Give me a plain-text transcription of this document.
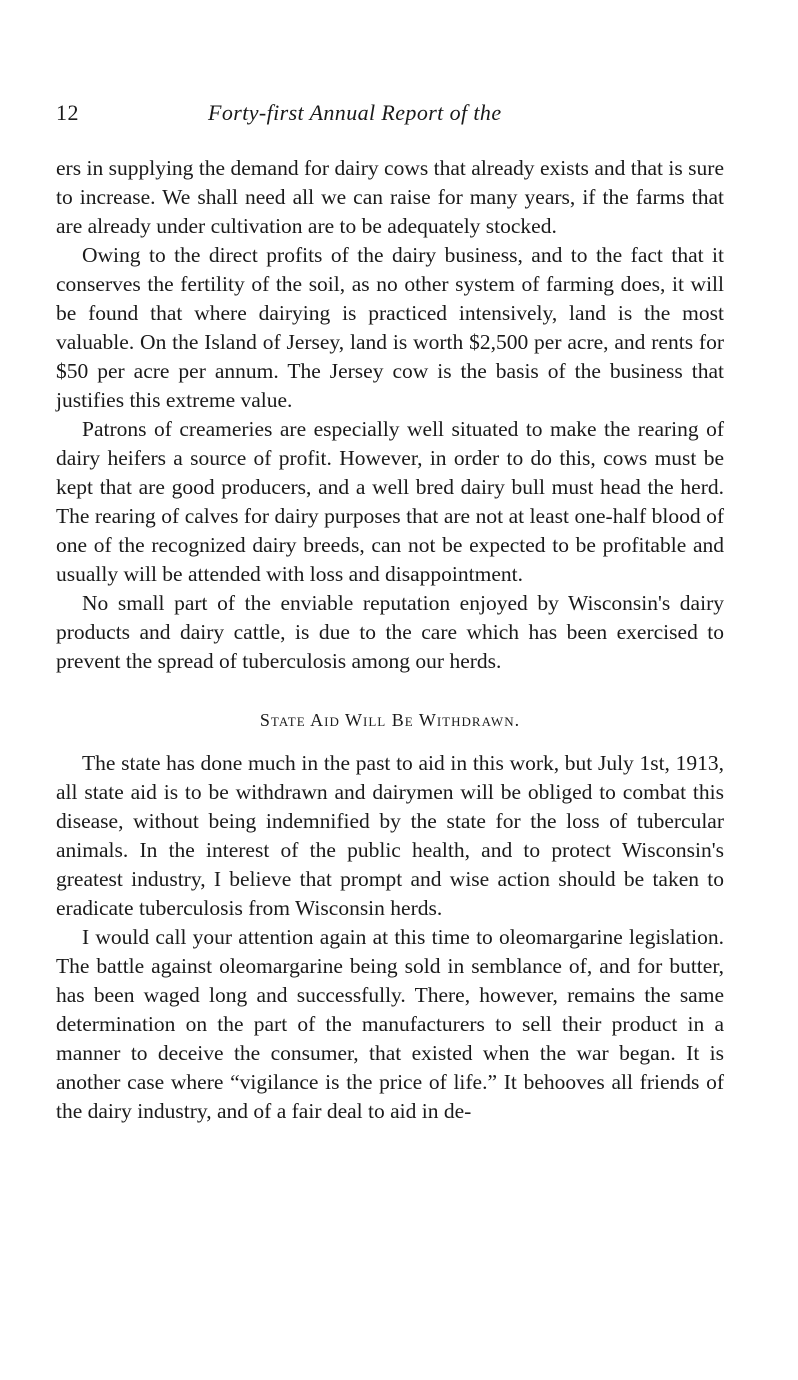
12	Forty-first Annual Report of the

ers in supplying the demand for dairy cows that already exists and that is sure to increase. We shall need all we can raise for many years, if the farms that are already under cultivation are to be adequately stocked.

Owing to the direct profits of the dairy business, and to the fact that it conserves the fertility of the soil, as no other system of farming does, it will be found that where dairying is practiced intensively, land is the most valuable. On the Island of Jersey, land is worth $2,500 per acre, and rents for $50 per acre per annum. The Jersey cow is the basis of the business that justifies this extreme value.

Patrons of creameries are especially well situated to make the rearing of dairy heifers a source of profit. However, in order to do this, cows must be kept that are good producers, and a well bred dairy bull must head the herd. The rearing of calves for dairy purposes that are not at least one-half blood of one of the recognized dairy breeds, can not be expected to be profitable and usually will be attended with loss and disappointment.

No small part of the enviable reputation enjoyed by Wisconsin's dairy products and dairy cattle, is due to the care which has been exercised to prevent the spread of tuberculosis among our herds.

State Aid Will Be Withdrawn.

The state has done much in the past to aid in this work, but July 1st, 1913, all state aid is to be withdrawn and dairymen will be obliged to combat this disease, without being indemnified by the state for the loss of tubercular animals. In the interest of the public health, and to protect Wisconsin's greatest industry, I believe that prompt and wise action should be taken to eradicate tuberculosis from Wisconsin herds.

I would call your attention again at this time to oleomargarine legislation. The battle against oleomargarine being sold in semblance of, and for butter, has been waged long and successfully. There, however, remains the same determination on the part of the manufacturers to sell their product in a manner to deceive the consumer, that existed when the war began. It is another case where “vigilance is the price of life.” It behooves all friends of the dairy industry, and of a fair deal to aid in de-
